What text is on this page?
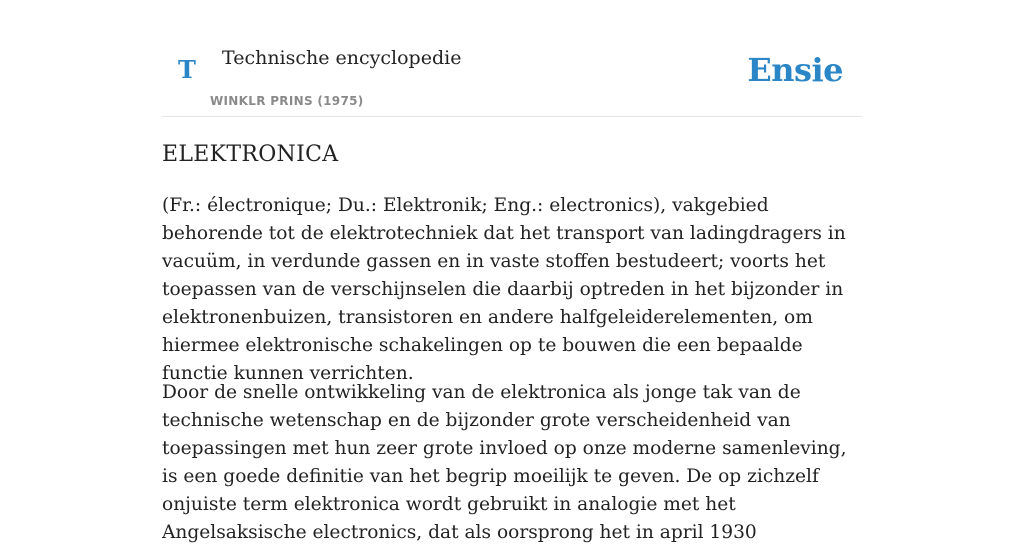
T Technische encyclopedie
WINKLR PRINS (1975)
Ensie
ELEKTRONICA

(Fr.: électronique; Du.: Elektronik; Eng.: electronics), vakgebied behorende tot de elektrotechniek dat het transport van ladingdragers in vacuüm, in verdunde gassen en in vaste stoffen bestudeert; voorts het toepassen van de verschijnselen die daarbij optreden in het bijzonder in elektronenbuizen, transistoren en andere halfgeleiderelementen, om hiermee elektronische schakelingen op te bouwen die een bepaalde functie kunnen verrichten.

Door de snelle ontwikkeling van de elektronica als jonge tak van de technische wetenschap en de bijzonder grote verscheidenheid van toepassingen met hun zeer grote invloed op onze moderne samenleving, is een goede definitie van het begrip moeilijk te geven. De op zichzelf onjuiste term elektronica wordt gebruikt in analogie met het Angelsaksische electronics, dat als oorsprong het in april 1930
